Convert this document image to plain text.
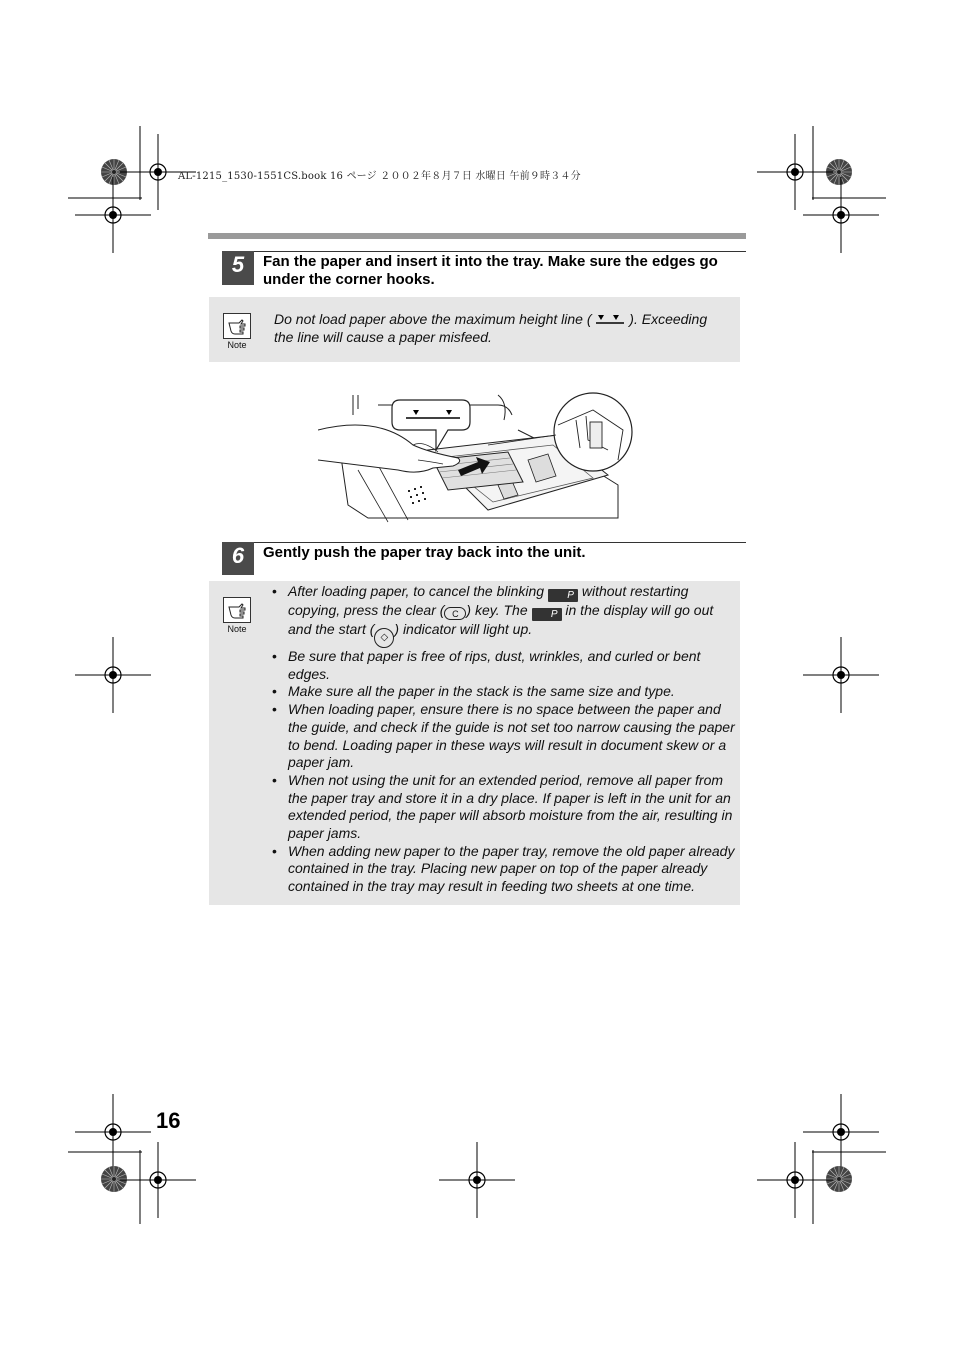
AL-1215_1530-1551CS.book 16 ページ ２００２年８月７日 水曜日 午前９時３４分
5	Fan the paper and insert it into the tray. Make sure the edges go under the corner hooks.
Note
Do not load paper above the maximum height line (	). Exceeding the line will cause a paper misfeed.
6	Gently push the paper tray back into the unit.
Note
• After loading paper, to cancel the blinking P without restarting copying, press the clear ( C ) key. The P in the display will go out and the start (◇) indicator will light up.
• Be sure that paper is free of rips, dust, wrinkles, and curled or bent edges.
• Make sure all the paper in the stack is the same size and type.
• When loading paper, ensure there is no space between the paper and the guide, and check if the guide is not set too narrow causing the paper to bend. Loading paper in these ways will result in document skew or a paper jam.
• When not using the unit for an extended period, remove all paper from the paper tray and store it in a dry place. If paper is left in the unit for an extended period, the paper will absorb moisture from the air, resulting in paper jams.
• When adding new paper to the paper tray, remove the old paper already contained in the tray. Placing new paper on top of the paper already contained in the tray may result in feeding two sheets at one time.
16
